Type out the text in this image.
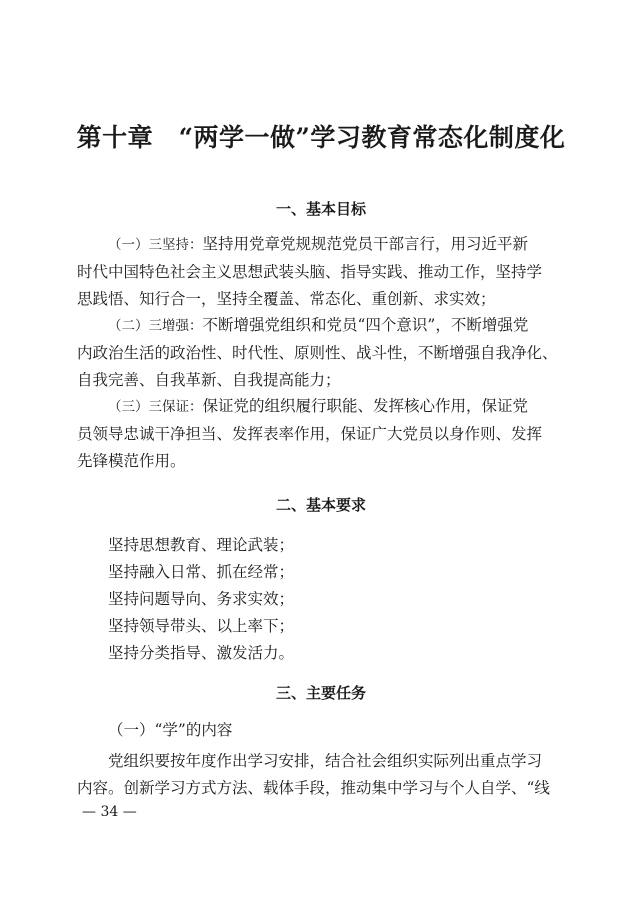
第十章　“两学一做”学习教育常态化制度化
一、基本目标
（一）三坚持：坚持用党章党规规范党员干部言行，用习近平新
时代中国特色社会主义思想武装头脑、指导实践、推动工作，坚持学
思践悟、知行合一，坚持全覆盖、常态化、重创新、求实效；
（二）三增强：不断增强党组织和党员“四个意识”，不断增强党
内政治生活的政治性、时代性、原则性、战斗性，不断增强自我净化、
自我完善、自我革新、自我提高能力；
（三）三保证：保证党的组织履行职能、发挥核心作用，保证党
员领导忠诚干净担当、发挥表率作用，保证广大党员以身作则、发挥
先锋模范作用。
二、基本要求
坚持思想教育、理论武装；
坚持融入日常、抓在经常；
坚持问题导向、务求实效；
坚持领导带头、以上率下；
坚持分类指导、激发活力。
三、主要任务
（一）“学”的内容
党组织要按年度作出学习安排，结合社会组织实际列出重点学习
内容。创新学习方式方法、载体手段，推动集中学习与个人自学、“线
— 34 —
